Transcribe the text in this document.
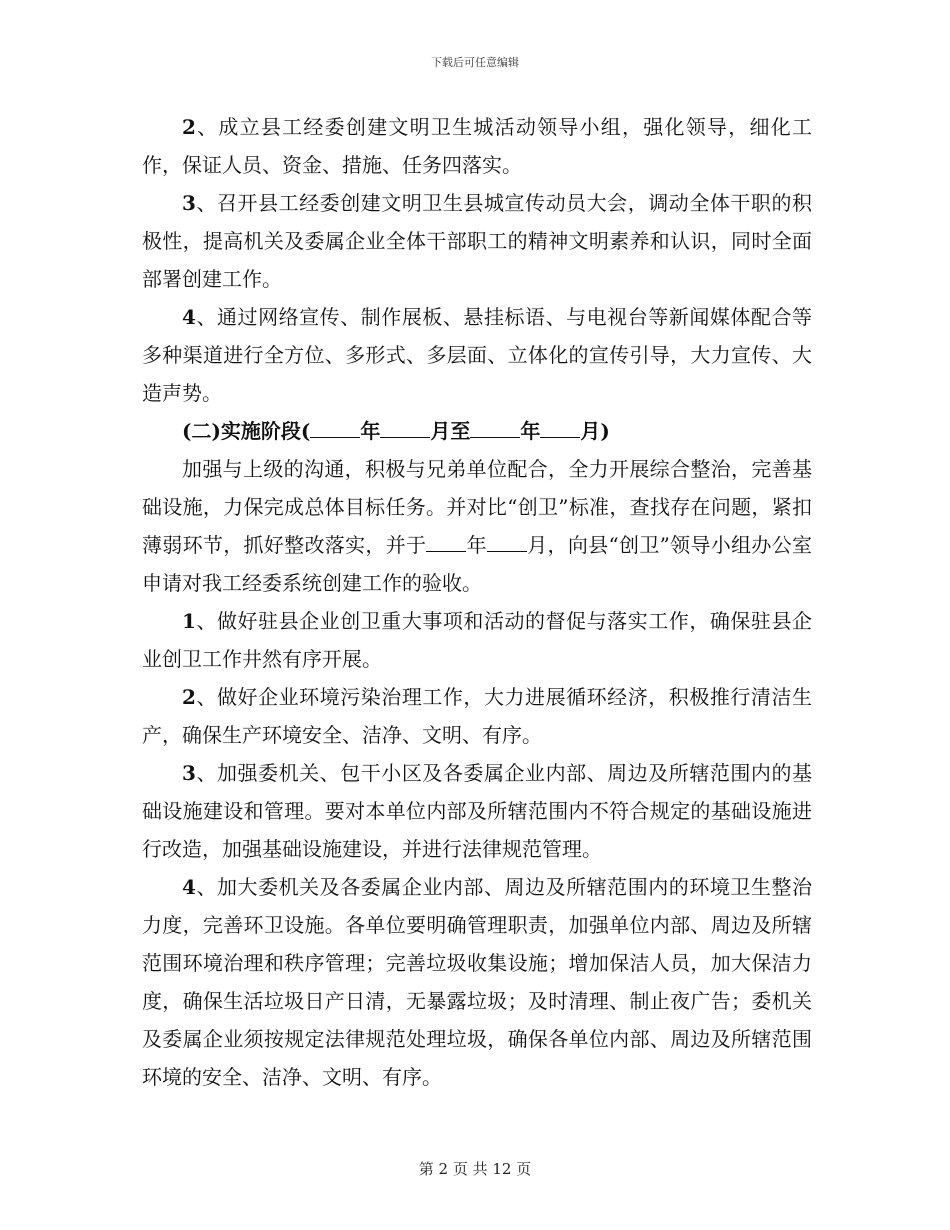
下载后可任意编辑

2、成立县工经委创建文明卫生城活动领导小组，强化领导，细化工作，保证人员、资金、措施、任务四落实。

3、召开县工经委创建文明卫生县城宣传动员大会，调动全体干职的积极性，提高机关及委属企业全体干部职工的精神文明素养和认识，同时全面部署创建工作。

4、通过网络宣传、制作展板、悬挂标语、与电视台等新闻媒体配合等多种渠道进行全方位、多形式、多层面、立体化的宣传引导，大力宣传、大造声势。

(二)实施阶段(	年	月至	年 月)

加强与上级的沟通，积极与兄弟单位配合，全力开展综合整治，完善基础设施，力保完成总体目标任务。并对比“创卫”标准，查找存在问题，紧扣薄弱环节，抓好整改落实，并于 年 月，向县“创卫”领导小组办公室申请对我工经委系统创建工作的验收。

1、做好驻县企业创卫重大事项和活动的督促与落实工作，确保驻县企业创卫工作井然有序开展。

2、做好企业环境污染治理工作，大力进展循环经济，积极推行清洁生产，确保生产环境安全、洁净、文明、有序。

3、加强委机关、包干小区及各委属企业内部、周边及所辖范围内的基础设施建设和管理。要对本单位内部及所辖范围内不符合规定的基础设施进行改造，加强基础设施建设，并进行法律规范管理。

4、加大委机关及各委属企业内部、周边及所辖范围内的环境卫生整治力度，完善环卫设施。各单位要明确管理职责，加强单位内部、周边及所辖范围环境治理和秩序管理；完善垃圾收集设施；增加保洁人员，加大保洁力度，确保生活垃圾日产日清，无暴露垃圾；及时清理、制止夜广告；委机关及委属企业须按规定法律规范处理垃圾，确保各单位内部、周边及所辖范围环境的安全、洁净、文明、有序。

第 2 页 共 12 页
